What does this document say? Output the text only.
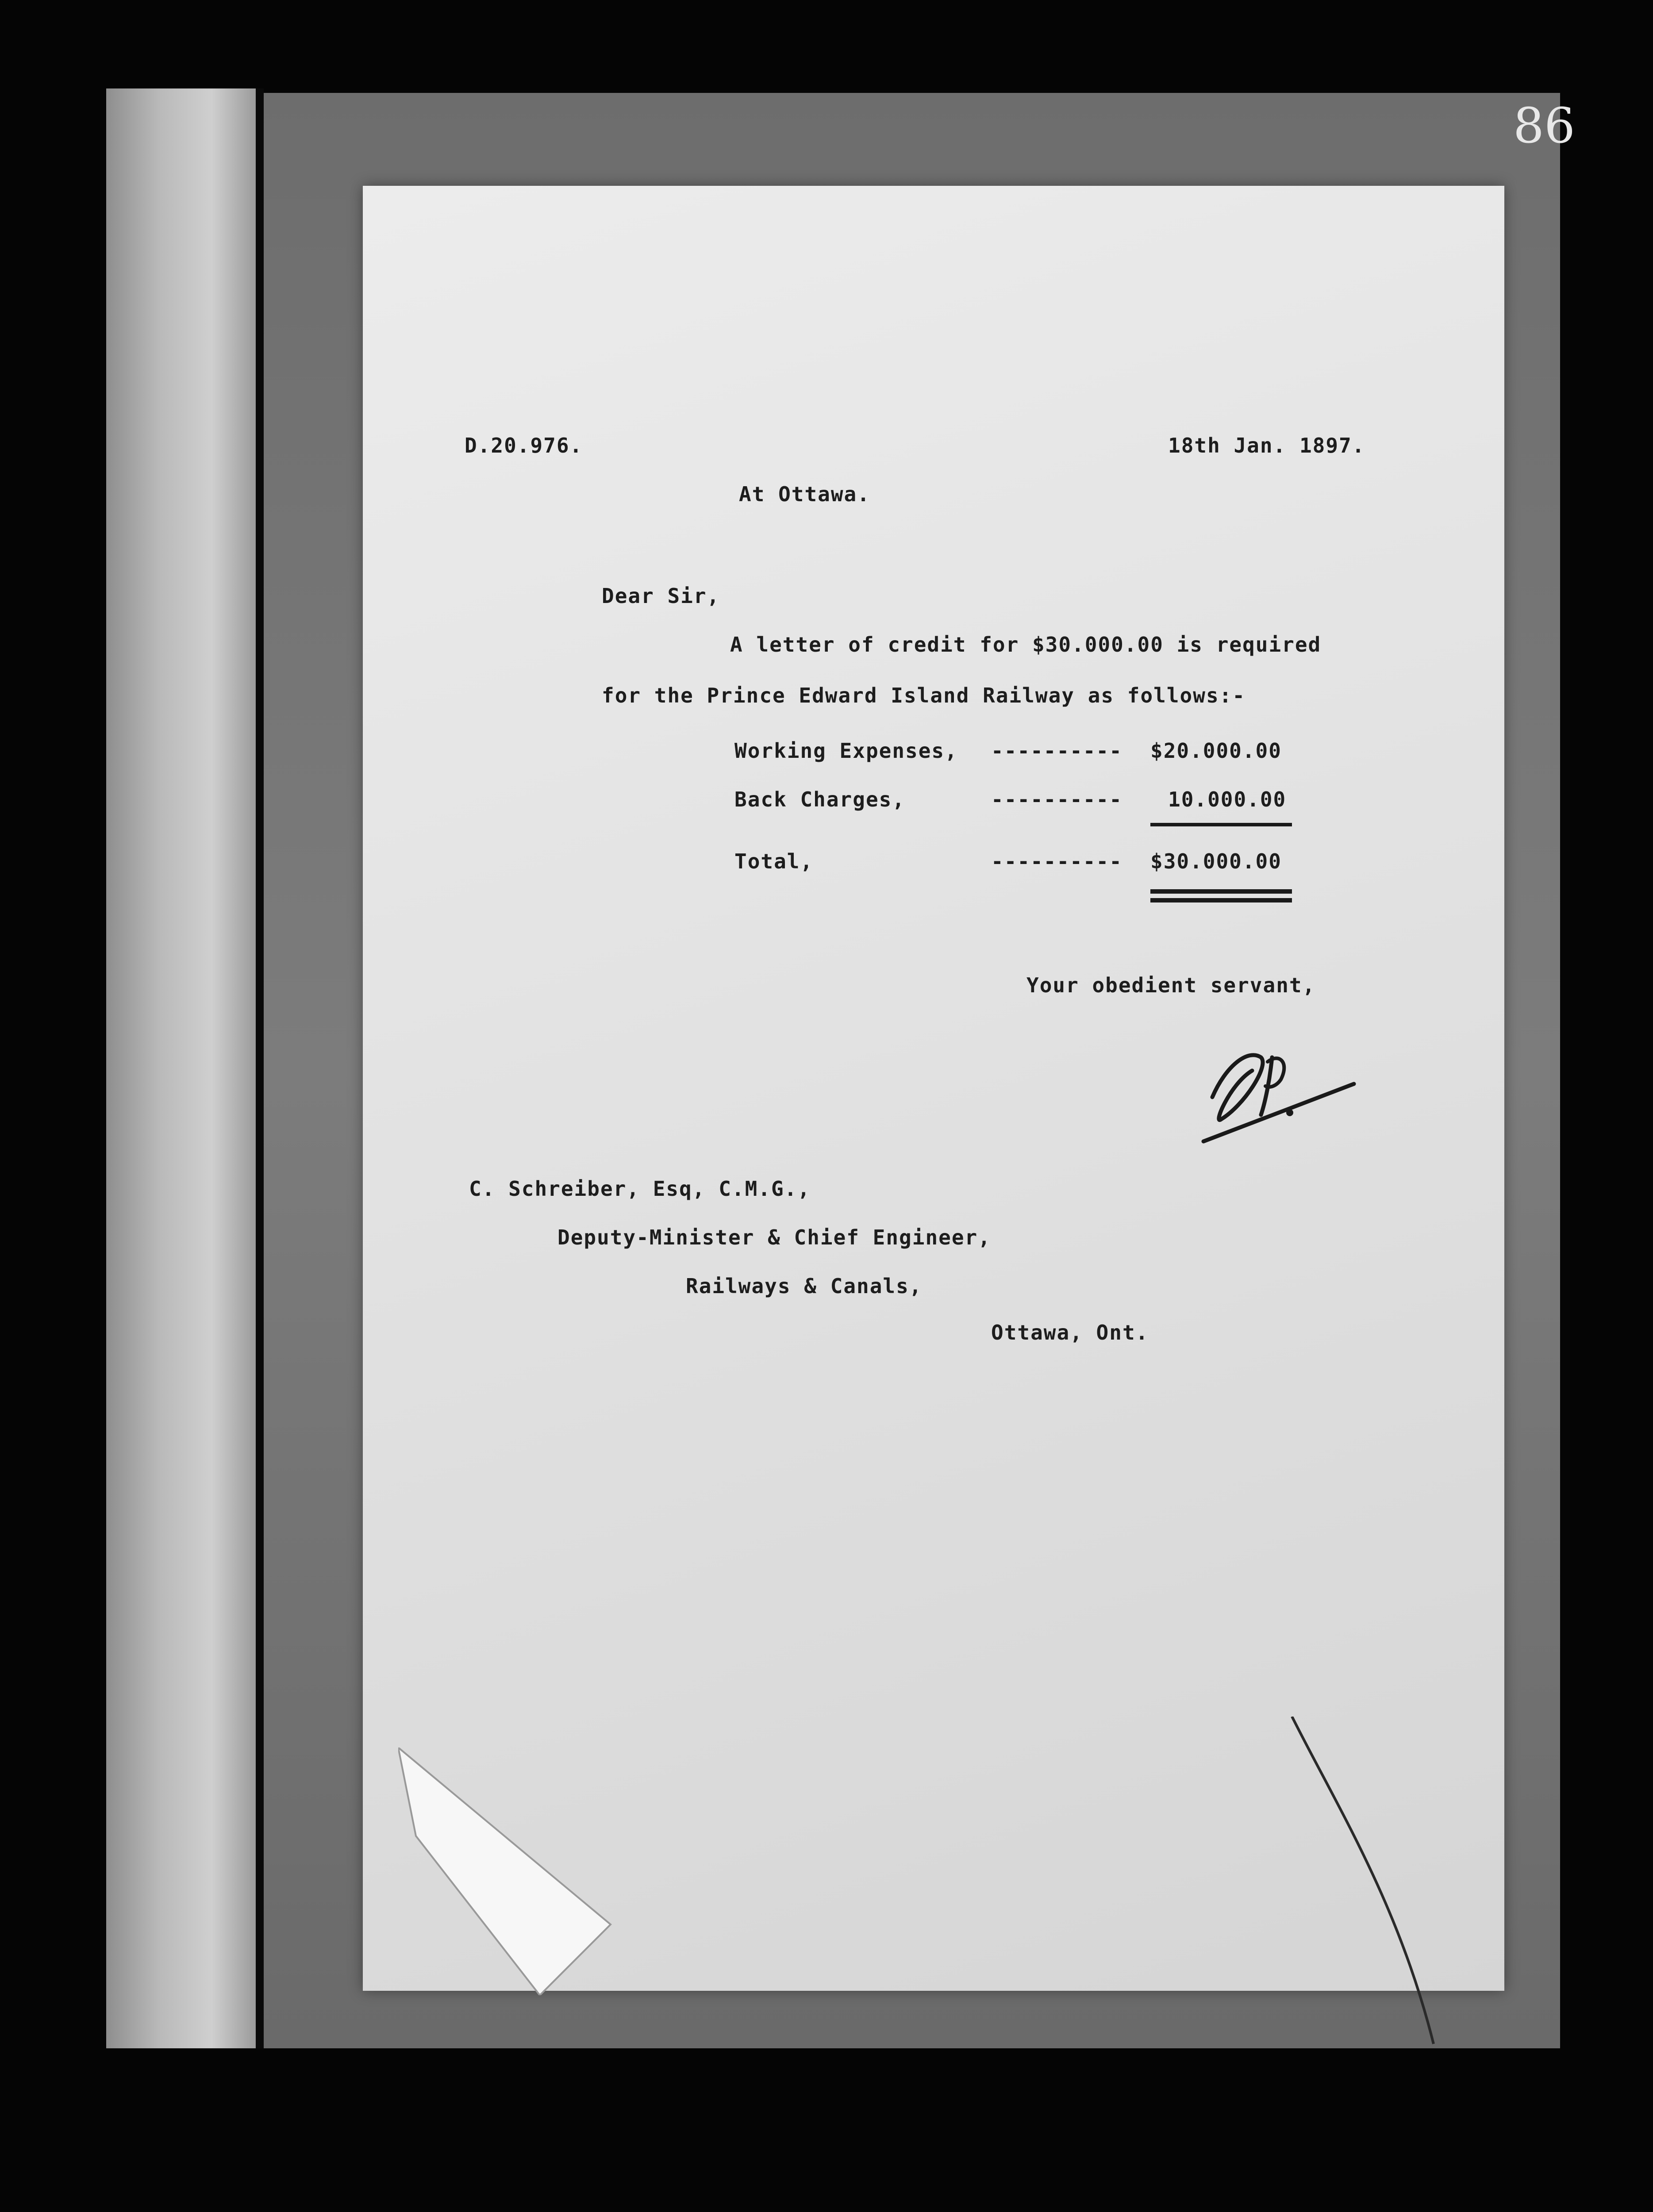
86
D.20.976.	18th Jan. 1897.
At Ottawa.
Dear Sir,
A letter of credit for $30.000.00 is required
for the Prince Edward Island Railway as follows:-
Working Expenses, ---------- $20.000.00
Back Charges,	---------- 10.000.00
Total,	---------- $30.000.00
Your obedient servant,
C. Schreiber, Esq, C.M.G.,
Deputy-Minister & Chief Engineer,
Railways & Canals,
Ottawa, Ont.
